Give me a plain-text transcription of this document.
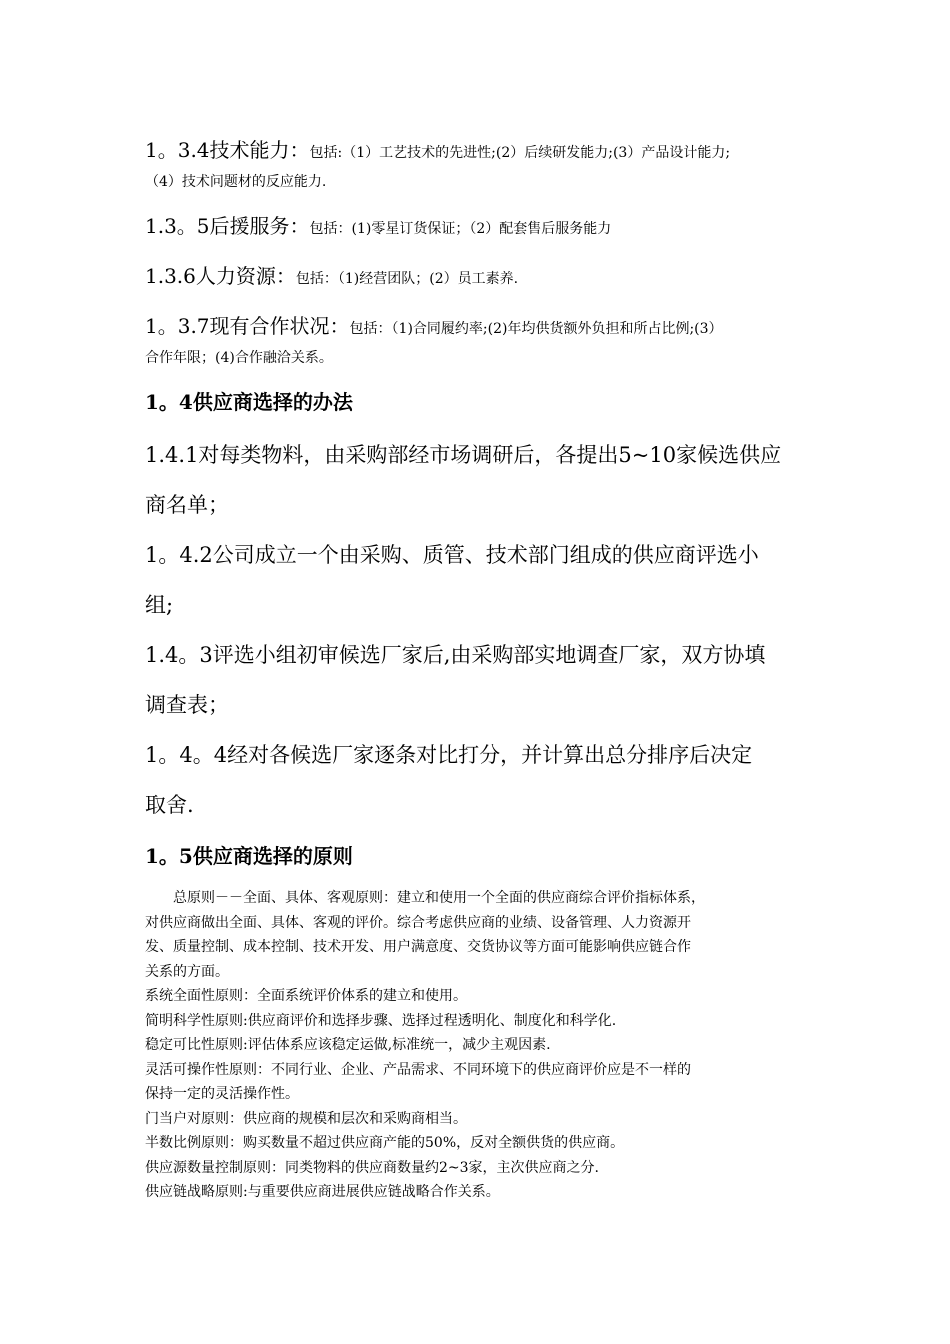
1。3.4技术能力：包括:（1）工艺技术的先进性;(2）后续研发能力;(3）产品设计能力;
（4）技术问题材的反应能力.
1.3。5后援服务：包括：(1)零星订货保证；（2）配套售后服务能力
1.3.6人力资源：包括：（1)经营团队；(2）员工素养.
1。3.7现有合作状况：包括：（1)合同履约率;(2)年均供货额外负担和所占比例;(3）
合作年限；(4)合作融洽关系。
1。4供应商选择的办法
1.4.1对每类物料，由采购部经市场调研后，各提出5~10家候选供应
商名单；
1。4.2公司成立一个由采购、质管、技术部门组成的供应商评选小
组;
1.4。3评选小组初审候选厂家后,由采购部实地调查厂家，双方协填
调查表；
1。4。4经对各候选厂家逐条对比打分，并计算出总分排序后决定
取舍.
1。5供应商选择的原则
总原则－－全面、具体、客观原则：建立和使用一个全面的供应商综合评价指标体系，
对供应商做出全面、具体、客观的评价。综合考虑供应商的业绩、设备管理、人力资源开
发、质量控制、成本控制、技术开发、用户满意度、交货协议等方面可能影响供应链合作
关系的方面。
系统全面性原则：全面系统评价体系的建立和使用。
简明科学性原则:供应商评价和选择步骤、选择过程透明化、制度化和科学化.
稳定可比性原则:评估体系应该稳定运做,标准统一，减少主观因素.
灵活可操作性原则：不同行业、企业、产品需求、不同环境下的供应商评价应是不一样的
保持一定的灵活操作性。
门当户对原则：供应商的规模和层次和采购商相当。
半数比例原则：购买数量不超过供应商产能的50%，反对全额供货的供应商。
供应源数量控制原则：同类物料的供应商数量约2~3家，主次供应商之分.
供应链战略原则:与重要供应商进展供应链战略合作关系。
